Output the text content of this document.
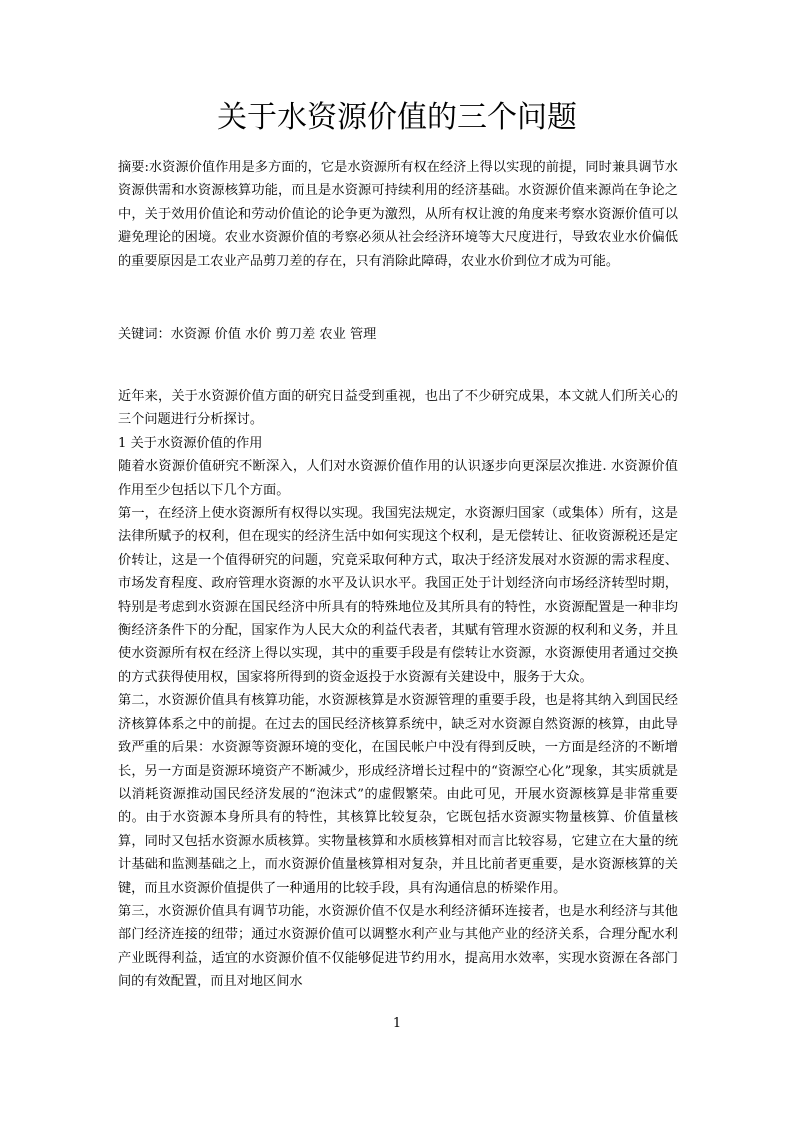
关于水资源价值的三个问题

摘要:水资源价值作用是多方面的，它是水资源所有权在经济上得以实现的前提，同时兼具调节水资源供需和水资源核算功能，而且是水资源可持续利用的经济基础。水资源价值来源尚在争论之中，关于效用价值论和劳动价值论的论争更为激烈，从所有权让渡的角度来考察水资源价值可以避免理论的困境。农业水资源价值的考察必须从社会经济环境等大尺度进行，导致农业水价偏低的重要原因是工农业产品剪刀差的存在，只有消除此障碍，农业水价到位才成为可能。

关键词：水资源 价值 水价 剪刀差 农业 管理

近年来，关于水资源价值方面的研究日益受到重视，也出了不少研究成果，本文就人们所关心的三个问题进行分析探讨。

1 关于水资源价值的作用

随着水资源价值研究不断深入，人们对水资源价值作用的认识逐步向更深层次推进. 水资源价值作用至少包括以下几个方面。

第一，在经济上使水资源所有权得以实现。我国宪法规定，水资源归国家（或集体）所有，这是法律所赋予的权利，但在现实的经济生活中如何实现这个权利，是无偿转让、征收资源税还是定价转让，这是一个值得研究的问题，究竟采取何种方式，取决于经济发展对水资源的需求程度、市场发育程度、政府管理水资源的水平及认识水平。我国正处于计划经济向市场经济转型时期，特别是考虑到水资源在国民经济中所具有的特殊地位及其所具有的特性，水资源配置是一种非均衡经济条件下的分配，国家作为人民大众的利益代表者，其赋有管理水资源的权利和义务，并且使水资源所有权在经济上得以实现，其中的重要手段是有偿转让水资源，水资源使用者通过交换的方式获得使用权，国家将所得到的资金返投于水资源有关建设中，服务于大众。

第二，水资源价值具有核算功能，水资源核算是水资源管理的重要手段，也是将其纳入到国民经济核算体系之中的前提。在过去的国民经济核算系统中，缺乏对水资源自然资源的核算，由此导致严重的后果：水资源等资源环境的变化，在国民帐户中没有得到反映，一方面是经济的不断增长，另一方面是资源环境资产不断减少，形成经济增长过程中的“资源空心化”现象，其实质就是以消耗资源推动国民经济发展的“泡沫式”的虚假繁荣。由此可见，开展水资源核算是非常重要的。由于水资源本身所具有的特性，其核算比较复杂，它既包括水资源实物量核算、价值量核算，同时又包括水资源水质核算。实物量核算和水质核算相对而言比较容易，它建立在大量的统计基础和监测基础之上，而水资源价值量核算相对复杂，并且比前者更重要，是水资源核算的关键，而且水资源价值提供了一种通用的比较手段，具有沟通信息的桥梁作用。

第三，水资源价值具有调节功能，水资源价值不仅是水利经济循环连接者，也是水利经济与其他部门经济连接的纽带；通过水资源价值可以调整水利产业与其他产业的经济关系，合理分配水利产业既得利益，适宜的水资源价值不仅能够促进节约用水，提高用水效率，实现水资源在各部门间的有效配置，而且对地区间水

1
